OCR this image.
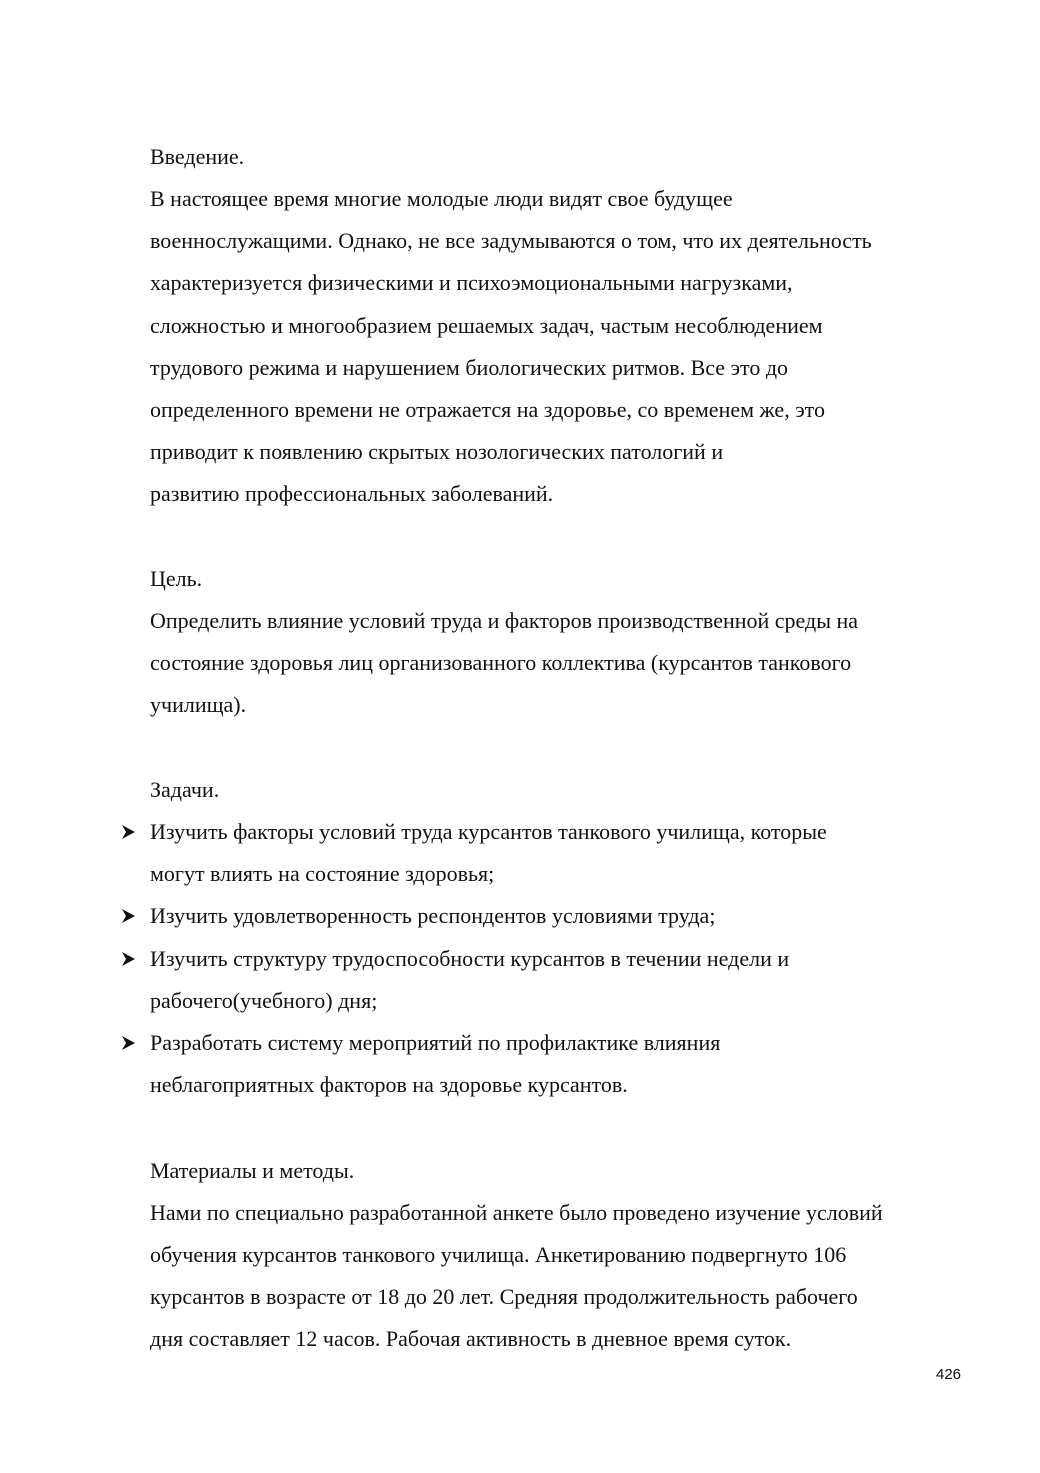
Введение.
В настоящее время многие молодые люди видят свое будущее
военнослужащими. Однако, не все задумываются о том, что их деятельность
характеризуется физическими и психоэмоциональными нагрузками,
сложностью и многообразием решаемых задач, частым несоблюдением
трудового режима и нарушением биологических ритмов. Все это до
определенного времени не отражается на здоровье, со временем же, это
приводит к появлению скрытых нозологических патологий и
развитию профессиональных заболеваний.
Цель.
Определить влияние условий труда и факторов производственной среды на
состояние здоровья лиц организованного коллектива (курсантов танкового
училища).
Задачи.
Изучить факторы условий труда курсантов танкового училища, которые
могут влиять на состояние здоровья;
Изучить удовлетворенность респондентов условиями труда;
Изучить структуру трудоспособности курсантов в течении недели и
рабочего(учебного) дня;
Разработать систему мероприятий по профилактике влияния
неблагоприятных факторов на здоровье курсантов.
Материалы и методы.
Нами по специально разработанной анкете было проведено изучение условий
обучения курсантов танкового училища. Анкетированию подвергнуто 106
курсантов в возрасте от 18 до 20 лет. Средняя продолжительность рабочего
дня составляет 12 часов. Рабочая активность в дневное время суток.
426
